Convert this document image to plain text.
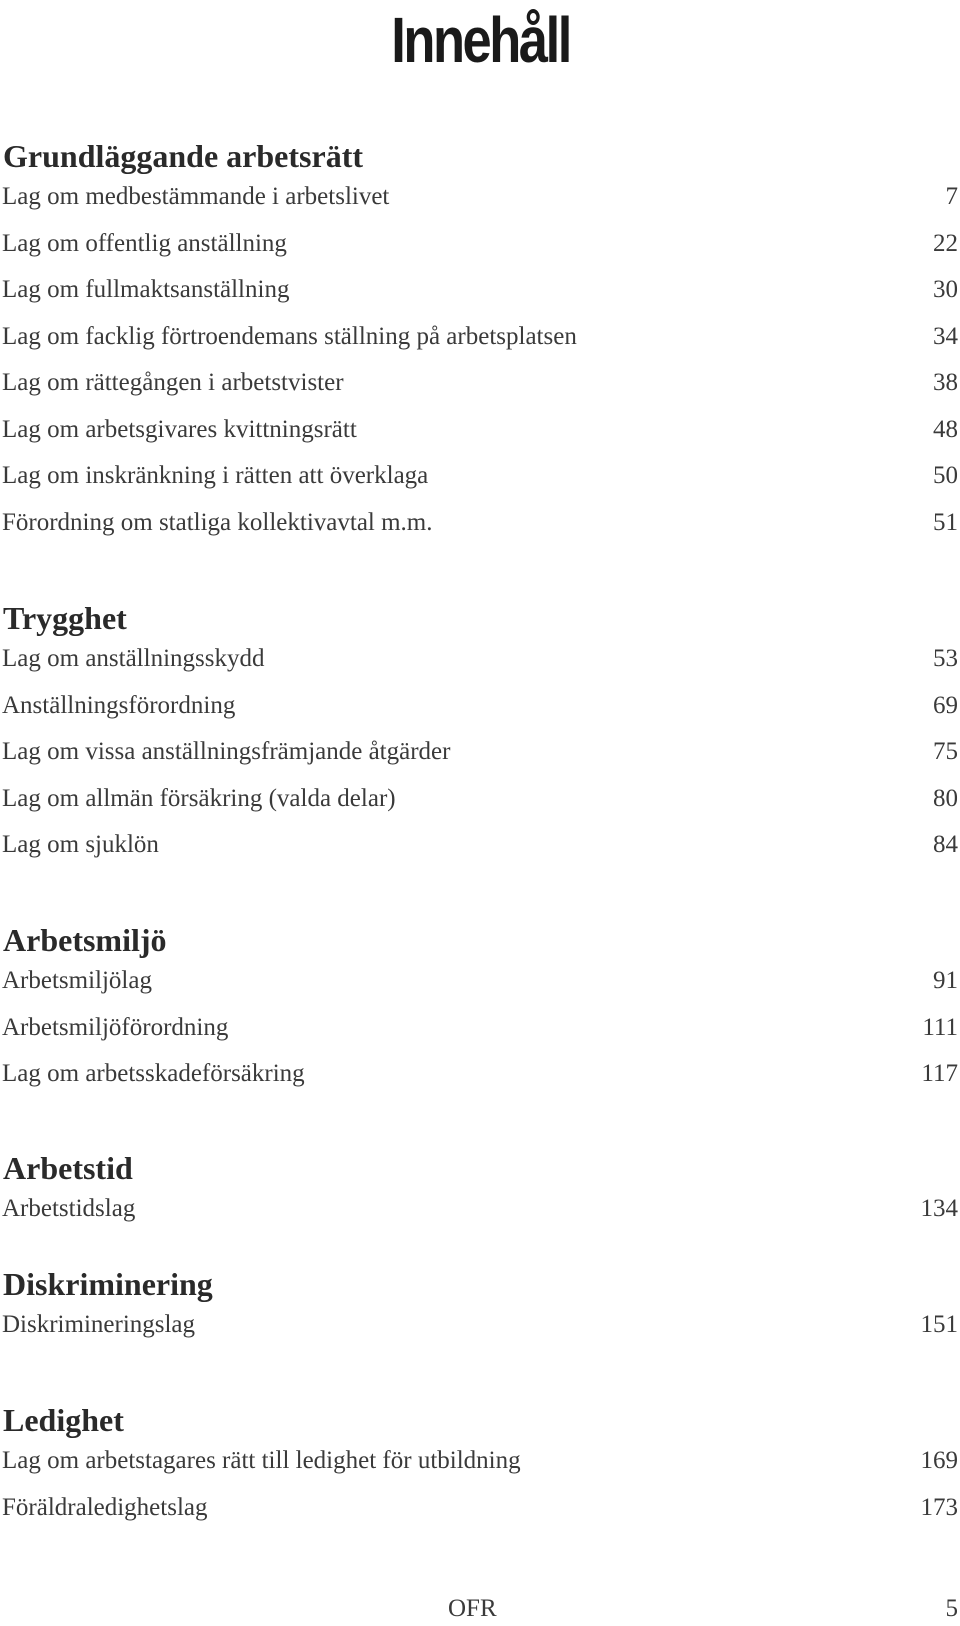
Innehåll
Grundläggande arbetsrätt
Lag om medbestämmande i arbetslivet	7
Lag om offentlig anställning	22
Lag om fullmaktsanställning	30
Lag om facklig förtroendemans ställning på arbetsplatsen	34
Lag om rättegången i arbetstvister	38
Lag om arbetsgivares kvittningsrätt	48
Lag om inskränkning i rätten att överklaga	50
Förordning om statliga kollektivavtal m.m.	51
Trygghet
Lag om anställningsskydd	53
Anställningsförordning	69
Lag om vissa anställningsfrämjande åtgärder	75
Lag om allmän försäkring (valda delar)	80
Lag om sjuklön	84
Arbetsmiljö
Arbetsmiljölag	91
Arbetsmiljöförordning	111
Lag om arbetsskadeförsäkring	117
Arbetstid
Arbetstidslag	134
Diskriminering
Diskrimineringslag	151
Ledighet
Lag om arbetstagares rätt till ledighet för utbildning	169
Föräldraledighetslag	173
OFR	5
